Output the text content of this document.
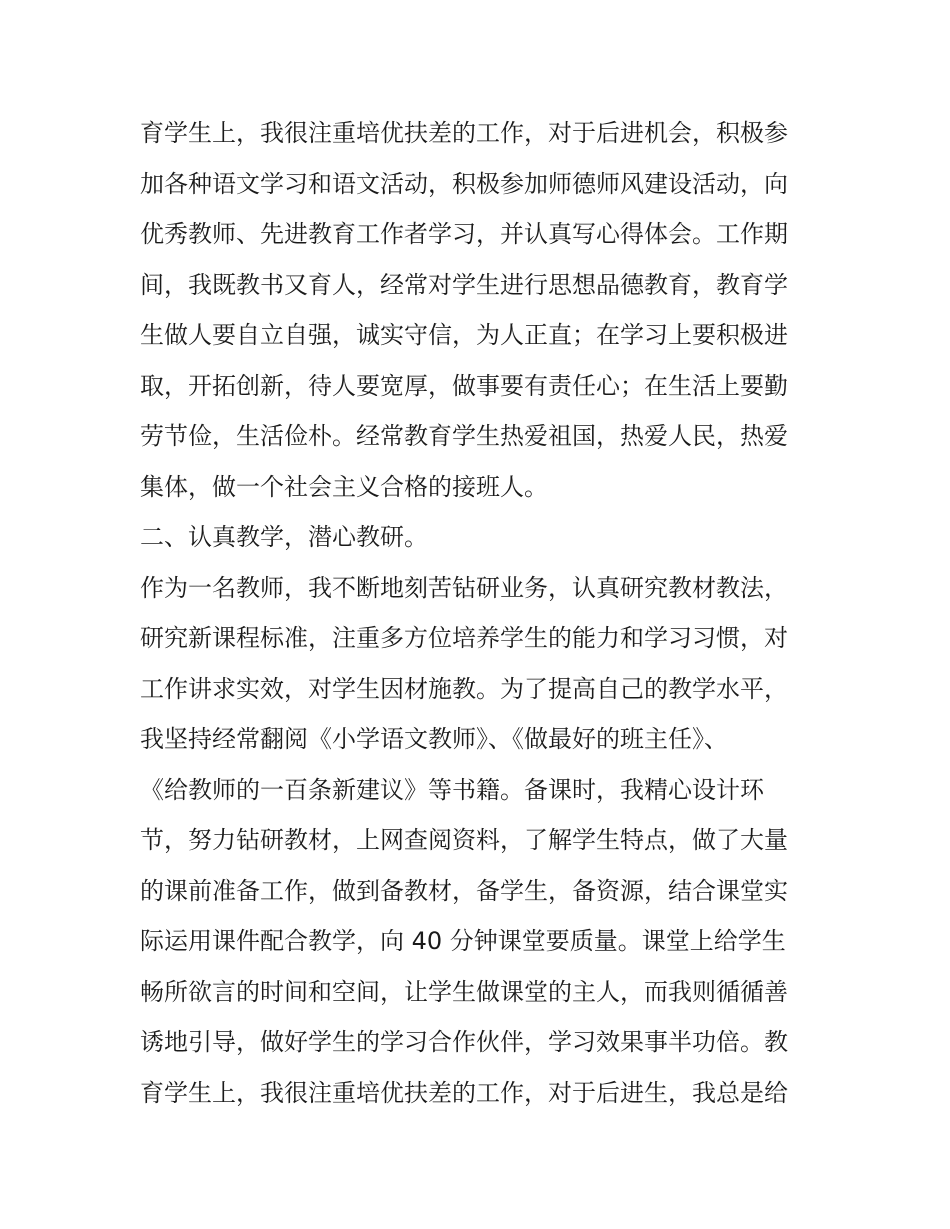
育学生上，我很注重培优扶差的工作，对于后进机会，积极参
加各种语文学习和语文活动，积极参加师德师风建设活动，向
优秀教师、先进教育工作者学习，并认真写心得体会。工作期
间，我既教书又育人，经常对学生进行思想品德教育，教育学
生做人要自立自强，诚实守信，为人正直；在学习上要积极进
取，开拓创新，待人要宽厚，做事要有责任心；在生活上要勤
劳节俭，生活俭朴。经常教育学生热爱祖国，热爱人民，热爱
集体，做一个社会主义合格的接班人。
二、认真教学，潜心教研。
作为一名教师，我不断地刻苦钻研业务，认真研究教材教法，
研究新课程标准，注重多方位培养学生的能力和学习习惯，对
工作讲求实效，对学生因材施教。为了提高自己的教学水平，
我坚持经常翻阅《小学语文教师》、《做最好的班主任》、
《给教师的一百条新建议》等书籍。备课时，我精心设计环
节，努力钻研教材，上网查阅资料，了解学生特点，做了大量
的课前准备工作，做到备教材，备学生，备资源，结合课堂实
际运用课件配合教学，向 40 分钟课堂要质量。课堂上给学生
畅所欲言的时间和空间，让学生做课堂的主人，而我则循循善
诱地引导，做好学生的学习合作伙伴，学习效果事半功倍。教
育学生上，我很注重培优扶差的工作，对于后进生，我总是给
